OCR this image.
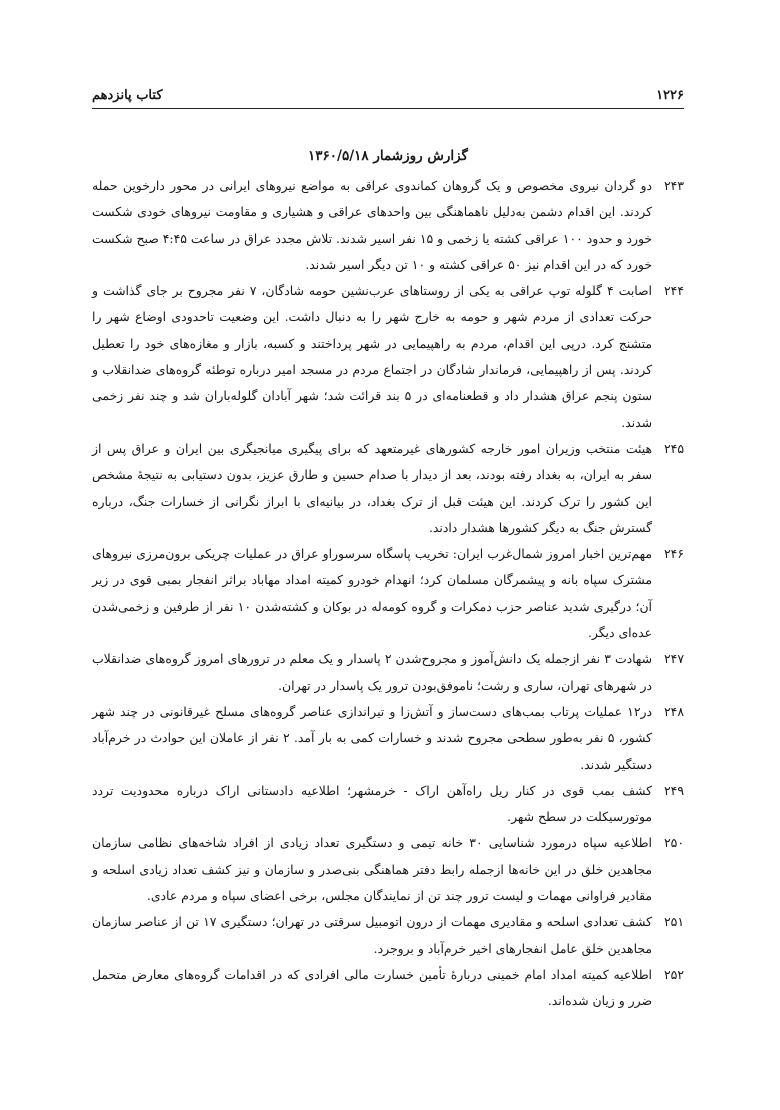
۱۲۲۶
کتاب پانزدهم
گزارش روزشمار ۱۳۶۰/۵/۱۸
۲۴۳
دو گردان نیروی مخصوص و یک گروهان کماندوی عراقی به مواضع نیروهای ایرانی در محور دارخوین حمله کردند. این اقدام دشمن به‌دلیل ناهماهنگی بین واحدهای عراقی و هشیاری و مقاومت نیروهای خودی شکست خورد و حدود ۱۰۰ عراقی کشته یا زخمی و ۱۵ نفر اسیر شدند. تلاش مجدد عراق در ساعت ۴:۴۵ صبح شکست خورد که در این اقدام نیز ۵۰ عراقی کشته و ۱۰ تن دیگر اسیر شدند.
۲۴۴
اصابت ۴ گلوله توپ عراقی به یکی از روستاهای عرب‌نشین حومه شادگان، ۷ نفر مجروح بر جای گذاشت و حرکت تعدادی از مردم شهر و حومه به خارج شهر را به دنبال داشت. این وضعیت تاحدودی اوضاع شهر را متشنج کرد. درپی این اقدام، مردم به راهپیمایی در شهر پرداختند و کسبه، بازار و مغازه‌های خود را تعطیل کردند. پس از راهپیمایی، فرماندار شادگان در اجتماع مردم در مسجد امیر درباره توطئه گروه‌های ضدانقلاب و ستون پنجم عراق هشدار داد و قطعنامه‌ای در ۵ بند قرائت شد؛ شهر آبادان گلوله‌باران شد و چند نفر زخمی شدند.
۲۴۵
هیئت منتخب وزیران امور خارجه کشورهای غیرمتعهد که برای پیگیری میانجیگری بین ایران و عراق پس از سفر به ایران، به بغداد رفته بودند، بعد از دیدار با صدام حسین و طارق عزیز، بدون دستیابی به نتیجهٔ مشخص این کشور را ترک کردند. این هیئت قبل از ترک بغداد، در بیانیه‌ای با ابراز نگرانی از خسارات جنگ، درباره گسترش جنگ به دیگر کشورها هشدار دادند.
۲۴۶
مهم‌ترین اخبار امروز شمال‌غرب ایران: تخریب پاسگاه سرسوراو عراق در عملیات چریکی برون‌مرزی نیروهای مشترک سپاه بانه و پیشمرگان مسلمان کرد؛ انهدام خودرو کمیته امداد مهاباد براثر انفجار بمبی قوی در زیر آن؛ درگیری شدید عناصر حزب دمکرات و گروه کومه‌له در بوکان و کشته‌شدن ۱۰ نفر از طرفین و زخمی‌شدن عده‌ای دیگر.
۲۴۷
شهادت ۳ نفر ازجمله یک دانش‌آموز و مجروح‌شدن ۲ پاسدار و یک معلم در ترورهای امروز گروه‌های ضدانقلاب در شهرهای تهران، ساری و رشت؛ ناموفق‌بودن ترور یک پاسدار در تهران.
۲۴۸
در۱۲ عملیات پرتاب بمب‌های دست‌ساز و آتش‌زا و تیراندازی عناصر گروه‌های مسلح غیرقانونی در چند شهر کشور، ۵ نفر به‌طور سطحی مجروح شدند و خسارات کمی به بار آمد. ۲ نفر از عاملان این حوادث در خرم‌آباد دستگیر شدند.
۲۴۹
کشف بمب قوی در کنار ریل راه‌آهن اراک - خرمشهر؛ اطلاعیه دادستانی اراک درباره محدودیت تردد موتورسیکلت در سطح شهر.
۲۵۰
اطلاعیه سپاه درمورد شناسایی ۳۰ خانه تیمی و دستگیری تعداد زیادی از افراد شاخه‌های نظامی سازمان مجاهدین خلق در این خانه‌ها ازجمله رابط دفتر هماهنگی بنی‌صدر و سازمان و نیز کشف تعداد زیادی اسلحه و مقادیر فراوانی مهمات و لیست ترور چند تن از نمایندگان مجلس، برخی اعضای سپاه و مردم عادی.
۲۵۱
کشف تعدادی اسلحه و مقادیری مهمات از درون اتومبیل سرقتی در تهران؛ دستگیری ۱۷ تن از عناصر سازمان مجاهدین خلق عامل انفجارهای اخیر خرم‌آباد و بروجرد.
۲۵۲
اطلاعیه کمیته امداد امام خمینی دربارهٔ تأمین خسارت مالی افرادی که در اقدامات گروه‌های معارض متحمل ضرر و زیان شده‌اند.
